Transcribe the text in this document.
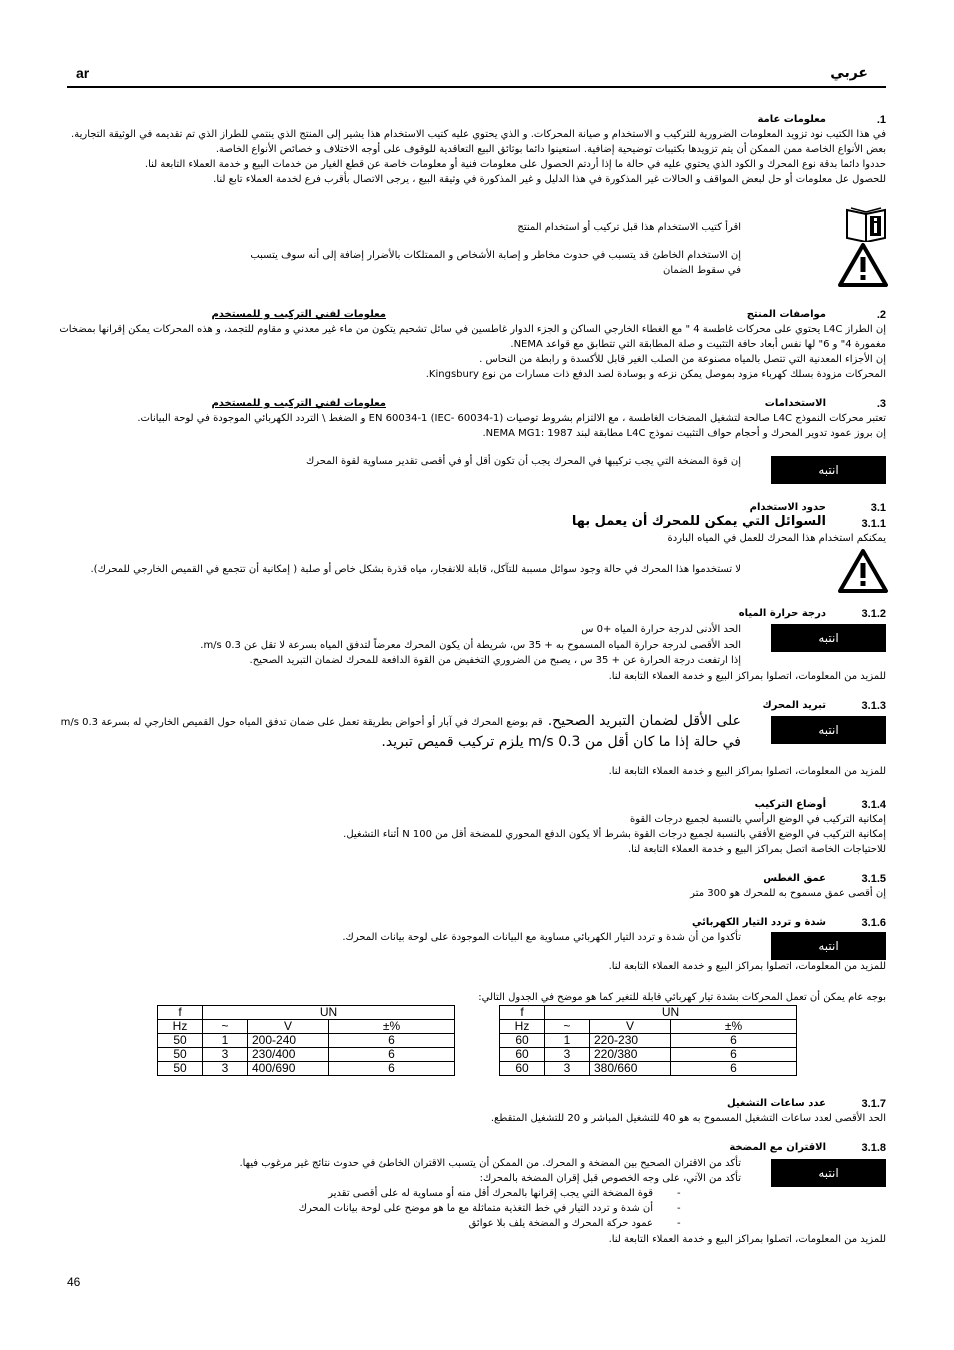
ar	عربي
.1
معلومات عامة
في هذا الكتيب نود تزويد المعلومات الضرورية للتركيب و الاستخدام و صيانة المحركات. و الذي يحتوي عليه كتيب الاستخدام هذا يشير إلى المنتج الذي ينتمي للطراز الذي تم تقديمه في الوثيقة التجارية.
بعض الأنواع الخاصة ممن الممكن أن يتم تزويدها بكتيبات توضيحية إضافية. استعينوا دائما بوثائق البيع التعاقدية للوقوف على أوجه الاختلاف و خصائص الأنواع الخاصة.
حددوا دائما بدقة نوع المحرك و الكود الذي يحتوي عليه في حالة ما إذا أردتم الحصول على معلومات فنية أو معلومات خاصة عن قطع الغيار من خدمات البيع و خدمة العملاء التابعة لنا.
للحصول عل معلومات أو حل لبعض المواقف و الحالات غير المذكورة في هذا الدليل و غير المذكورة في وثيقة البيع ، يرجى الاتصال بأقرب فرع لخدمة العملاء تابع لنا.
اقرأ كتيب الاستخدام هذا قبل تركيب أو استخدام المنتج
إن الاستخدام الخاطئ قد يتسبب في حدوث مخاطر و إصابة الأشخاص و الممتلكات بالأضرار إضافة إلى أنه سوف يتسبب
في سقوط الضمان
.2
مواصفات المنتج
معلومات لفني التركيب و للمستخدم
إن الطراز L4C يحتوي على محركات غاطسة 4 " مع الغطاء الخارجي الساكن و الجزء الدوار غاطسين في سائل تشحيم يتكون من ماء غير معدني و مقاوم للتجمد، و هذه المحركات يمكن إقرانها بمضخات
مغمورة 4" و 6" لها نفس أبعاد حافة التثبيت و صلة المطابقة التي تتطابق مع قواعد NEMA.
إن الأجزاء المعدنية التي تتصل بالمياه مصنوعة من الصلب الغير قابل للأكسدة و رابطة من النحاس .
المحركات مزودة بسلك كهرباء مزود بموصل يمكن نزعه و بوسادة لصد الدفع ذات مسارات من نوع Kingsbury.
.3
الاستخدامات
معلومات لفني التركيب و للمستخدم
تعتبر محركات النموذج L4C صالحة لتشغيل المضخات الغاطسة ، مع الالتزام بشروط توصيات (IEC- 60034-1) EN 60034-1 و الضغط \ التردد الكهربائي الموجودة في لوحة البيانات.
إن بروز عمود تدوير المحرك و أحجام حواف التثبيت نموذج L4C مطابقة لبند NEMA MG1: 1987.
انتبه
إن قوة المضخة التي يجب تركيبها في المحرك يجب أن تكون أقل أو في أقصى تقدير مساوية لقوة المحرك
3.1
حدود الاستخدام
3.1.1
السوائل التي يمكن للمحرك أن يعمل بها
يمكنكم استخدام هذا المحرك للعمل في المياه الباردة
لا تستخدموا هذا المحرك في حالة وجود سوائل مسببة للتآكل، قابلة للانفجار، مياه قذرة بشكل خاص أو صلبة ( إمكانية أن تتجمع في القميص الخارجي للمحرك).
3.1.2
درجة حرارة المياه
انتبه
الحد الأدنى لدرجة حرارة المياه +0 س
الحد الأقصى لدرجة حرارة المياه المسموح به + 35 س، شريطة أن يكون المحرك معرضاً لتدفق المياه بسرعة لا تقل عن 0.3 m/s.
إذا ارتفعت درجة الحرارة عن + 35 س ، يصبح من الضروري التخفيض من القوة الدافعة للمحرك لضمان التبريد الصحيح.
للمزيد من المعلومات، اتصلوا بمراكز البيع و خدمة العملاء التابعة لنا.
3.1.3
تبريد المحرك
انتبه
على الأقل لضمان التبريد الصحيح. قم بوضع المحرك في آبار أو أحواض بطريقة تعمل على ضمان تدفق المياه حول القميص الخارجي له بسرعة 0.3 m/s
في حالة إذا ما كان أقل من 0.3 m/s يلزم تركيب قميص تبريد.
للمزيد من المعلومات، اتصلوا بمراكز البيع و خدمة العملاء التابعة لنا.
3.1.4
أوضاع التركيب
إمكانية التركيب في الوضع الرأسي بالنسبة لجميع درجات القوة
إمكانية التركيب في الوضع الأفقي بالنسبة لجميع درجات القوة بشرط ألا يكون الدفع المحوري للمضخة أقل من 100 N أثناء التشغيل.
للاحتياجات الخاصة اتصل بمراكز البيع و خدمة العملاء التابعة لنا.
3.1.5
عمق الغطس
إن أقصى عمق مسموح به للمحرك هو 300 متر
3.1.6
شدة و تردد التيار الكهربائي
انتبه
تأكدوا من أن شدة و تردد التيار الكهربائي مساوية مع البيانات الموجودة على لوحة بيانات المحرك.
للمزيد من المعلومات، اتصلوا بمراكز البيع و خدمة العملاء التابعة لنا.
بوجه عام يمكن أن تعمل المحركات بشدة تيار كهربائي قابلة للتغير كما هو موضح في الجدول التالي:
f	UN		
Hz	~	V	±%
50	1	200-240	6
50	3	230/400	6
50	3	400/690	6
f	UN		
Hz	~	V	±%
60	1	220-230	6
60	3	220/380	6
60	3	380/660	6
3.1.7
عدد ساعات التشغيل
الحد الأقصى لعدد ساعات التشغيل المسموح به هو 40 للتشغيل المباشر و 20 للتشغيل المتقطع.
3.1.8
الاقتران مع المضخة
انتبه
تأكد من الاقتران الصحيح بين المضخة و المحرك. من الممكن أن يتسبب الاقتران الخاطئ في حدوث نتائج غير مرغوب فيها.
تأكد من الآتي، على وجه الخصوص قبل إقران المضخة بالمحرك:
-
قوة المضخة التي يجب إقرانها بالمحرك أقل منه أو مساوية له على أقصى تقدير
-
أن شدة و تردد التيار في خط التغذية متماثلة مع ما هو موضح على لوحة بيانات المحرك
-
عمود حركة المحرك و المضخة يلف بلا عوائق
للمزيد من المعلومات، اتصلوا بمراكز البيع و خدمة العملاء التابعة لنا.
46
